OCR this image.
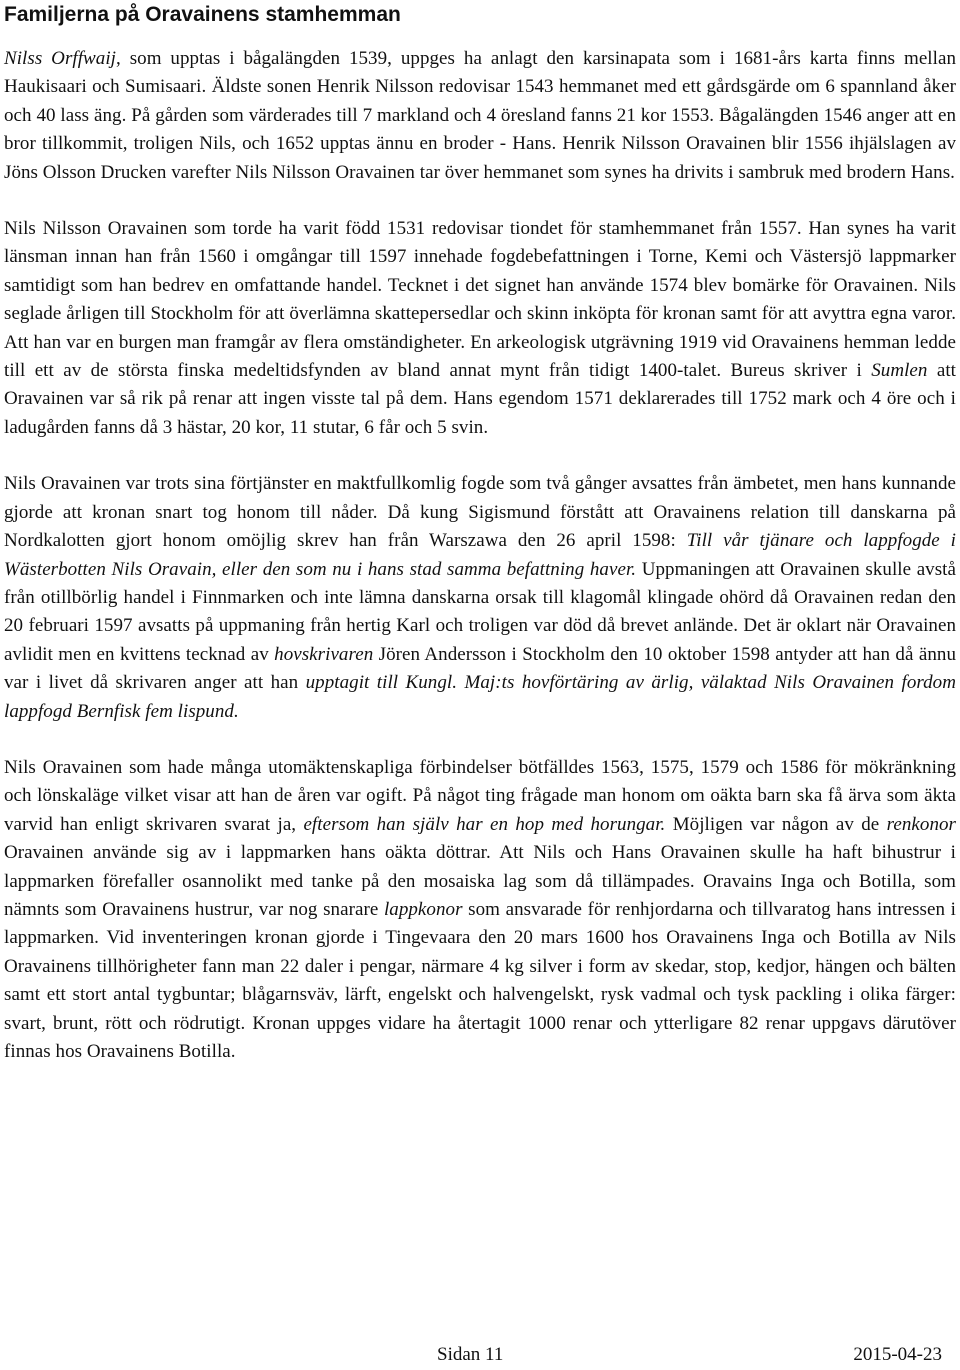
Familjerna på Oravainens stamhemman

Nilss Orffwaij, som upptas i bågalängden 1539, uppges ha anlagt den karsinapata som i 1681-års karta finns mellan Haukisaari och Sumisaari. Äldste sonen Henrik Nilsson redovisar 1543 hemmanet med ett gårdsgärde om 6 spannland åker och 40 lass äng. På gården som värderades till 7 markland och 4 öresland fanns 21 kor 1553. Bågalängden 1546 anger att en bror tillkommit, troligen Nils, och 1652 upptas ännu en broder - Hans. Henrik Nilsson Oravainen blir 1556 ihjälslagen av Jöns Olsson Drucken varefter Nils Nilsson Oravainen tar över hemmanet som synes ha drivits i sambruk med brodern Hans.

Nils Nilsson Oravainen som torde ha varit född 1531 redovisar tiondet för stamhemmanet från 1557. Han synes ha varit länsman innan han från 1560 i omgångar till 1597 innehade fogdebefattningen i Torne, Kemi och Västersjö lappmarker samtidigt som han bedrev en omfattande handel. Tecknet i det signet han använde 1574 blev bomärke för Oravainen. Nils seglade årligen till Stockholm för att överlämna skattepersedlar och skinn inköpta för kronan samt för att avyttra egna varor. Att han var en burgen man framgår av flera omständigheter. En arkeologisk utgrävning 1919 vid Oravainens hemman ledde till ett av de största finska medeltidsfynden av bland annat mynt från tidigt 1400-talet. Bureus skriver i Sumlen att Oravainen var så rik på renar att ingen visste tal på dem. Hans egendom 1571 deklarerades till 1752 mark och 4 öre och i ladugården fanns då 3 hästar, 20 kor, 11 stutar, 6 får och 5 svin.

Nils Oravainen var trots sina förtjänster en maktfullkomlig fogde som två gånger avsattes från ämbetet, men hans kunnande gjorde att kronan snart tog honom till nåder. Då kung Sigismund förstått att Oravainens relation till danskarna på Nordkalotten gjort honom omöjlig skrev han från Warszawa den 26 april 1598: Till vår tjänare och lappfogde i Wästerbotten Nils Oravain, eller den som nu i hans stad samma befattning haver. Uppmaningen att Oravainen skulle avstå från otillbörlig handel i Finnmarken och inte lämna danskarna orsak till klagomål klingade ohörd då Oravainen redan den 20 februari 1597 avsatts på uppmaning från hertig Karl och troligen var död då brevet anlände. Det är oklart när Oravainen avlidit men en kvittens tecknad av hovskrivaren Jören Andersson i Stockholm den 10 oktober 1598 antyder att han då ännu var i livet då skrivaren anger att han upptagit till Kungl. Maj:ts hovförtäring av ärlig, välaktad Nils Oravainen fordom lappfogd Bernfisk fem lispund.

Nils Oravainen som hade många utomäktenskapliga förbindelser bötfälldes 1563, 1575, 1579 och 1586 för mökränkning och lönskaläge vilket visar att han de åren var ogift. På något ting frågade man honom om oäkta barn ska få ärva som äkta varvid han enligt skrivaren svarat ja, eftersom han själv har en hop med horungar. Möjligen var någon av de renkonor Oravainen använde sig av i lappmarken hans oäkta döttrar. Att Nils och Hans Oravainen skulle ha haft bihustrur i lappmarken förefaller osannolikt med tanke på den mosaiska lag som då tillämpades. Oravains Inga och Botilla, som nämnts som Oravainens hustrur, var nog snarare lappkonor som ansvarade för renhjordarna och tillvaratog hans intressen i lappmarken. Vid inventeringen kronan gjorde i Tingevaara den 20 mars 1600 hos Oravainens Inga och Botilla av Nils Oravainens tillhörigheter fann man 22 daler i pengar, närmare 4 kg silver i form av skedar, stop, kedjor, hängen och bälten samt ett stort antal tygbuntar; blågarnsväv, lärft, engelskt och halvengelskt, rysk vadmal och tysk packling i olika färger: svart, brunt, rött och rödrutigt. Kronan uppges vidare ha återtagit 1000 renar och ytterligare 82 renar uppgavs därutöver finnas hos Oravainens Botilla.

Sidan 11	2015-04-23
